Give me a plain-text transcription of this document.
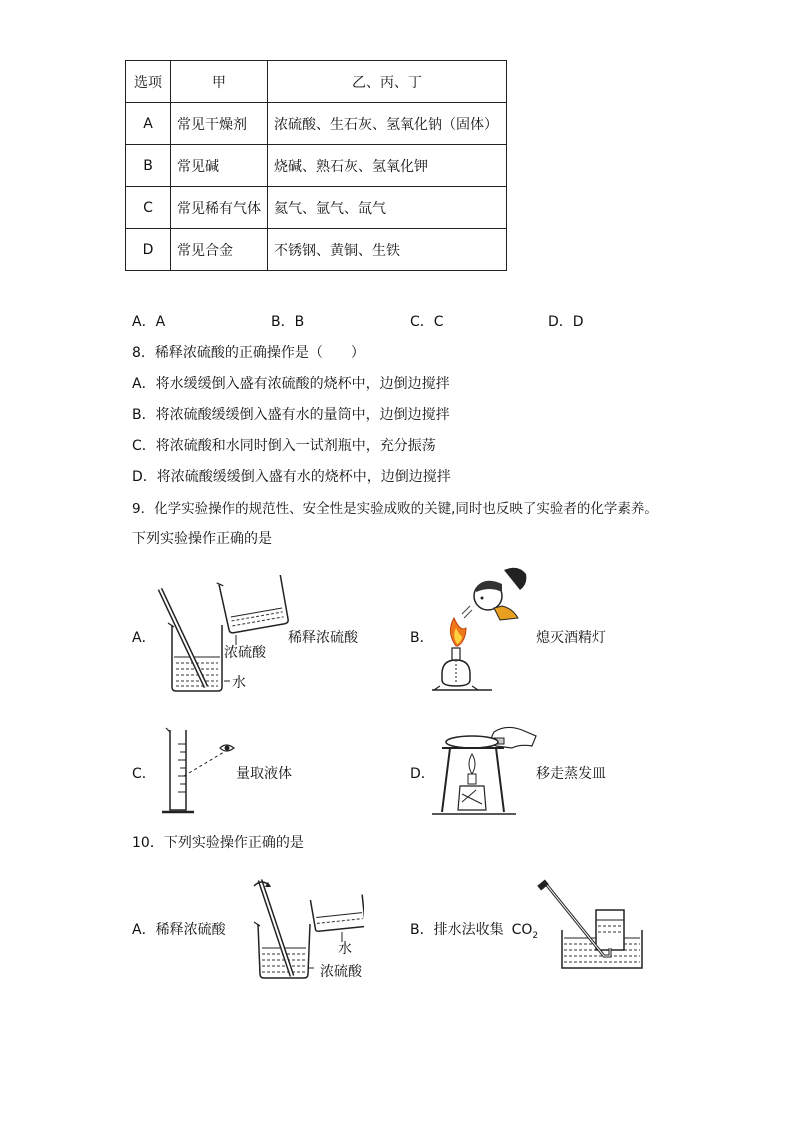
选项	甲	乙、丙、丁
A	常见干燥剂	浓硫酸、生石灰、氢氧化钠（固体）
B	常见碱	烧碱、熟石灰、氢氧化钾
C	常见稀有气体	氦气、氩气、氙气
D	常见合金	不锈钢、黄铜、生铁
A．A	B．B	C．C	D．D
8．稀释浓硫酸的正确操作是（　　）
A．将水缓缓倒入盛有浓硫酸的烧杯中，边倒边搅拌
B．将浓硫酸缓缓倒入盛有水的量筒中，边倒边搅拌
C．将浓硫酸和水同时倒入一试剂瓶中，充分振荡
D．将浓硫酸缓缓倒入盛有水的烧杯中，边倒边搅拌
9．化学实验操作的规范性、安全性是实验成败的关键,同时也反映了实验者的化学素养。
下列实验操作正确的是
A．
浓硫酸
水
稀释浓硫酸	B．	熄灭酒精灯
C．	量取液体	D．	移走蒸发皿
10．下列实验操作正确的是
A．稀释浓硫酸
水
浓硫酸
B．排水法收集 $CO_2$
